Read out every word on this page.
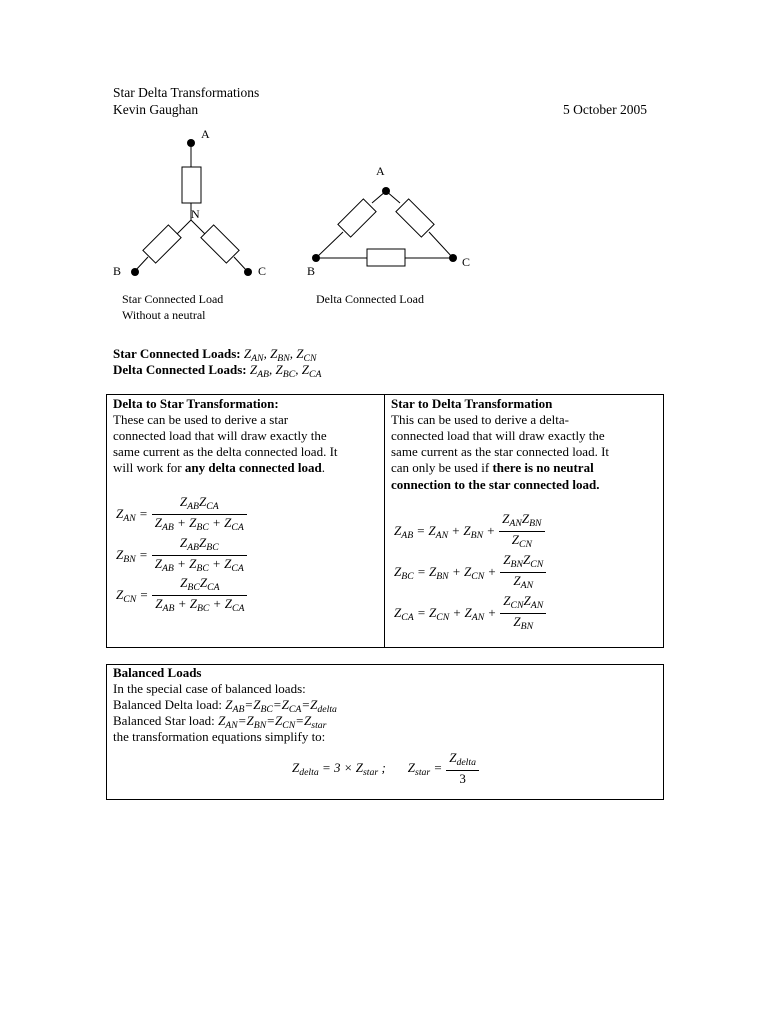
Star Delta Transformations
Kevin Gaughan	5 October 2005
A
N
B	C
Star Connected Load
Without a neutral
A
B
C
Delta Connected Load
Star Connected Loads: $Z_{AN}$, $Z_{BN}$, $Z_{CN}$
Delta Connected Loads: $Z_{AB}$, $Z_{BC}$, $Z_{CA}$
Delta to Star Transformation:
These can be used to derive a star
connected load that will draw exactly the
same current as the delta connected load. It
will work for any delta connected load.
$Z_{AN} = \frac{Z_{AB}Z_{CA}}{Z_{AB} + Z_{BC} + Z_{CA}}$
$Z_{BN} = \frac{Z_{AB}Z_{BC}}{Z_{AB} + Z_{BC} + Z_{CA}}$
$Z_{CN} = \frac{Z_{BC}Z_{CA}}{Z_{AB} + Z_{BC} + Z_{CA}}$
Star to Delta Transformation
This can be used to derive a delta-
connected load that will draw exactly the
same current as the star connected load. It
can only be used if there is no neutral
connection to the star connected load.
$Z_{AB} = Z_{AN} + Z_{BN} + \frac{Z_{AN}Z_{BN}}{Z_{CN}}$
$Z_{BC} = Z_{BN} + Z_{CN} + \frac{Z_{BN}Z_{CN}}{Z_{AN}}$
$Z_{CA} = Z_{CN} + Z_{AN} + \frac{Z_{CN}Z_{AN}}{Z_{BN}}$
Balanced Loads
In the special case of balanced loads:
Balanced Delta load: $Z_{AB}=Z_{BC}=Z_{CA}=Z_{delta}$
Balanced Star load: $Z_{AN}=Z_{BN}=Z_{CN}=Z_{star}$
the transformation equations simplify to:
$Z_{delta} = 3 \times Z_{star}$ ; $Z_{star} = \frac{Z_{delta}}{3}$
